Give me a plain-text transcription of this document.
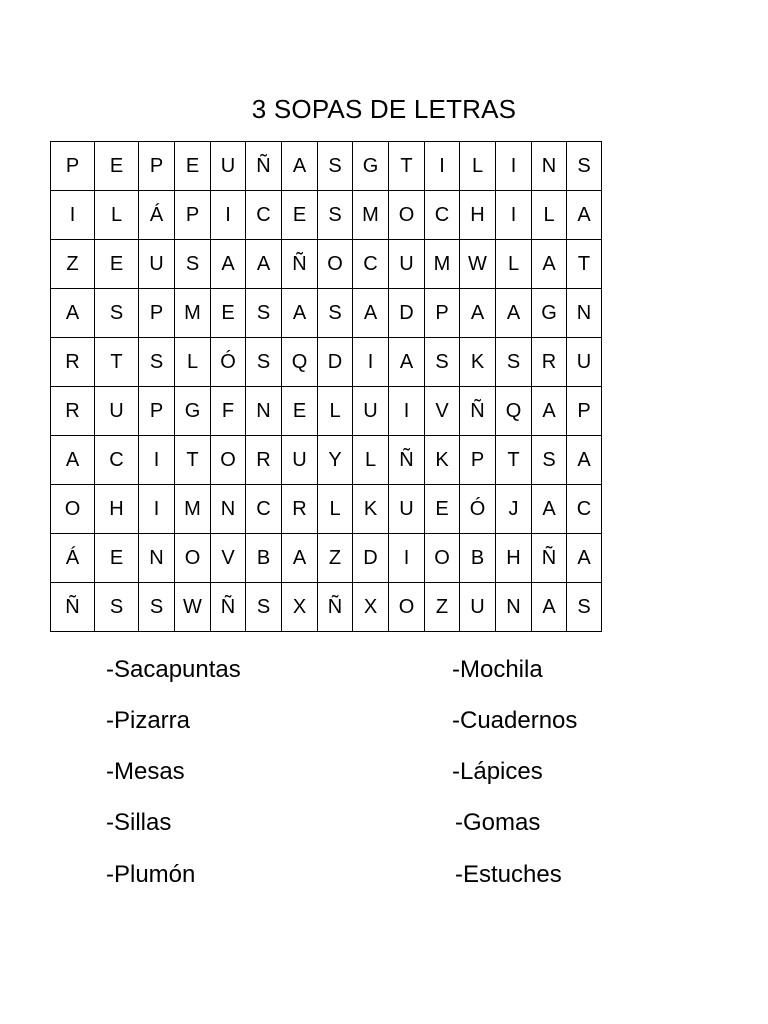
3 SOPAS DE LETRAS
P	E	P	E	U	Ñ	A	S	G	T	I	L	I	N	S
I	L	Á	P	I	C	E	S	M	O	C	H	I	L	A
Z	E	U	S	A	A	Ñ	O	C	U	M	W	L	A	T
A	S	P	M	E	S	A	S	A	D	P	A	A	G	N
R	T	S	L	Ó	S	Q	D	I	A	S	K	S	R	U
R	U	P	G	F	N	E	L	U	I	V	Ñ	Q	A	P
A	C	I	T	O	R	U	Y	L	Ñ	K	P	T	S	A
O	H	I	M	N	C	R	L	K	U	E	Ó	J	A	C
Á	E	N	O	V	B	A	Z	D	I	O	B	H	Ñ	A
Ñ	S	S	W	Ñ	S	X	Ñ	X	O	Z	U	N	A	S
-Sacapuntas
-Pizarra
-Mesas
-Sillas
-Plumón
-Mochila
-Cuadernos
-Lápices
-Gomas
-Estuches
